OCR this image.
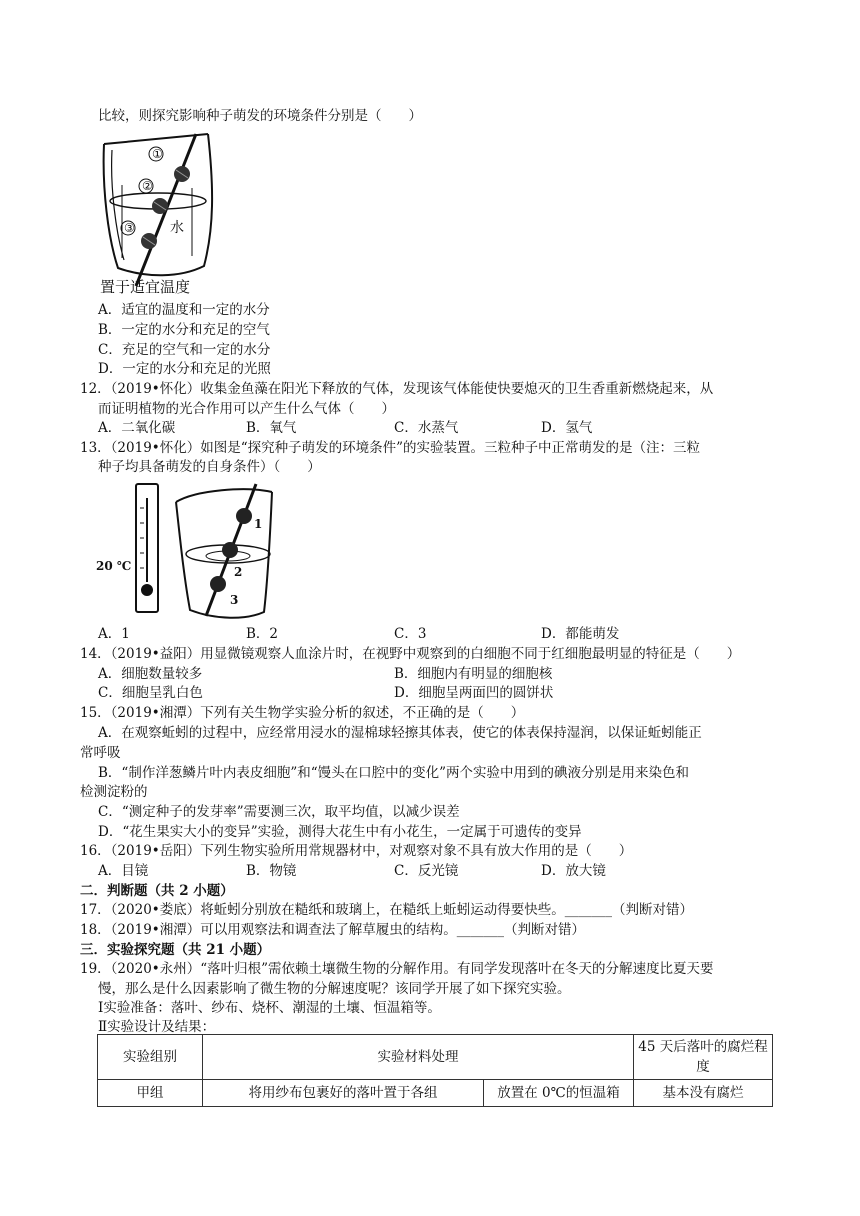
比较，则探究影响种子萌发的环境条件分别是（　　）
①
②
③	水
置于适宜温度
A．适宜的温度和一定的水分
B．一定的水分和充足的空气
C．充足的空气和一定的水分
D．一定的水分和充足的光照
12．（2019•怀化）收集金鱼藻在阳光下释放的气体，发现该气体能使快要熄灭的卫生香重新燃烧起来，从
而证明植物的光合作用可以产生什么气体（　　）
A．二氧化碳	B．氧气	C．水蒸气	D．氢气
13．（2019•怀化）如图是“探究种子萌发的环境条件”的实验装置。三粒种子中正常萌发的是（注：三粒
种子均具备萌发的自身条件）（　　）
20 ℃
1
2
3
A．1	B．2	C．3	D．都能萌发
14．（2019•益阳）用显微镜观察人血涂片时，在视野中观察到的白细胞不同于红细胞最明显的特征是（　　）
A．细胞数量较多	B．细胞内有明显的细胞核
C．细胞呈乳白色	D．细胞呈两面凹的圆饼状
15．（2019•湘潭）下列有关生物学实验分析的叙述，不正确的是（　　）
A．在观察蚯蚓的过程中，应经常用浸水的湿棉球轻擦其体表，使它的体表保持湿润，以保证蚯蚓能正
常呼吸
B．“制作洋葱鳞片叶内表皮细胞”和“馒头在口腔中的变化”两个实验中用到的碘液分别是用来染色和
检测淀粉的
C．“测定种子的发芽率”需要测三次，取平均值，以减少误差
D．“花生果实大小的变异”实验，测得大花生中有小花生，一定属于可遗传的变异
16．（2019•岳阳）下列生物实验所用常规器材中，对观察对象不具有放大作用的是（　　）
A．目镜	B．物镜	C．反光镜	D．放大镜
二．判断题（共 2 小题）
17．（2020•娄底）将蚯蚓分别放在糙纸和玻璃上，在糙纸上蚯蚓运动得要快些。_______（判断对错）
18．（2019•湘潭）可以用观察法和调查法了解草履虫的结构。_______（判断对错）
三．实验探究题（共 21 小题）
19．（2020•永州）“落叶归根”需依赖土壤微生物的分解作用。有同学发现落叶在冬天的分解速度比夏天要
慢，那么是什么因素影响了微生物的分解速度呢？该同学开展了如下探究实验。
Ⅰ实验准备：落叶、纱布、烧杯、潮湿的土壤、恒温箱等。
Ⅱ实验设计及结果：
实验组别	实验材料处理		45 天后落叶的腐烂程度
甲组	将用纱布包裹好的落叶置于各组	放置在 0℃的恒温箱	基本没有腐烂
